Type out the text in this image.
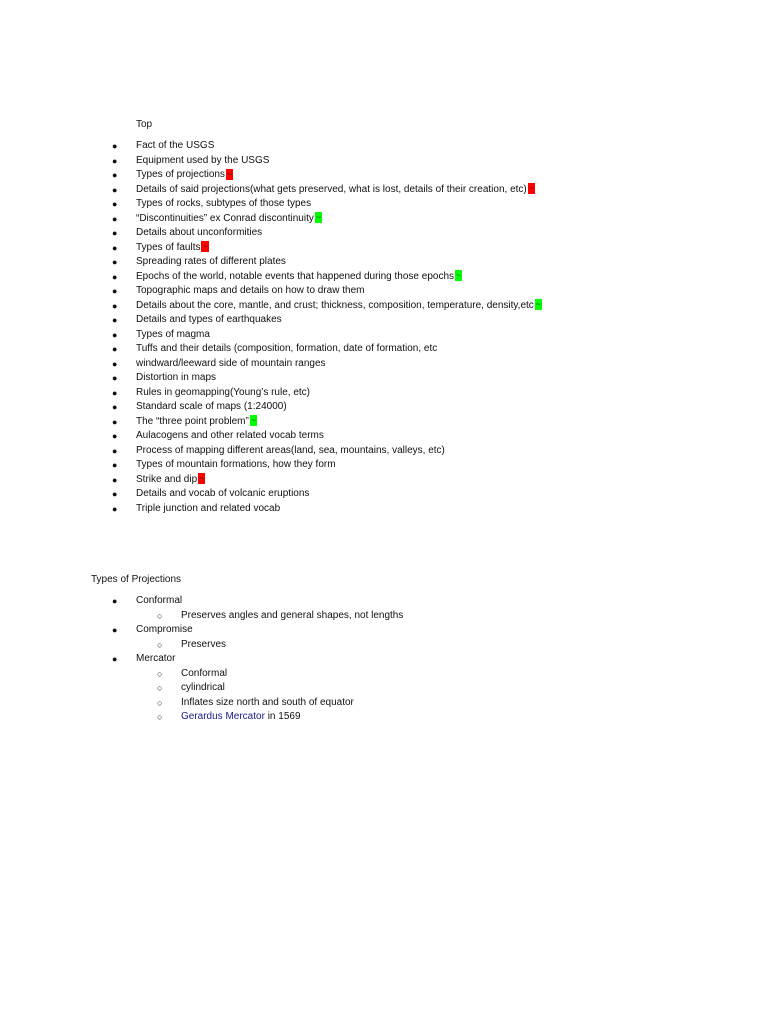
Top
● Fact of the USGS
● Equipment used by the USGS
● Types of projections ~
● Details of said projections(what gets preserved, what is lost, details of their creation, etc) ~
● Types of rocks, subtypes of those types
● “Discontinuities” ex Conrad discontinuity ~
● Details about unconformities
● Types of faults ~
● Spreading rates of different plates
● Epochs of the world, notable events that happened during those epochs ~
● Topographic maps and details on how to draw them
● Details about the core, mantle, and crust; thickness, composition, temperature, density,etc ~
● Details and types of earthquakes
● Types of magma
● Tuffs and their details (composition, formation, date of formation, etc
● windward/leeward side of mountain ranges
● Distortion in maps
● Rules in geomapping(Young’s rule, etc)
● Standard scale of maps (1:24000)
● The “three point problem” ~
● Aulacogens and other related vocab terms
● Process of mapping different areas(land, sea, mountains, valleys, etc)
● Types of mountain formations, how they form
● Strike and dip ~
● Details and vocab of volcanic eruptions
● Triple junction and related vocab
Types of Projections
● Conformal
○ Preserves angles and general shapes, not lengths
● Compromise
○ Preserves
● Mercator
○ Conformal
○ cylindrical
○ Inflates size north and south of equator
○ Gerardus Mercator in 1569
